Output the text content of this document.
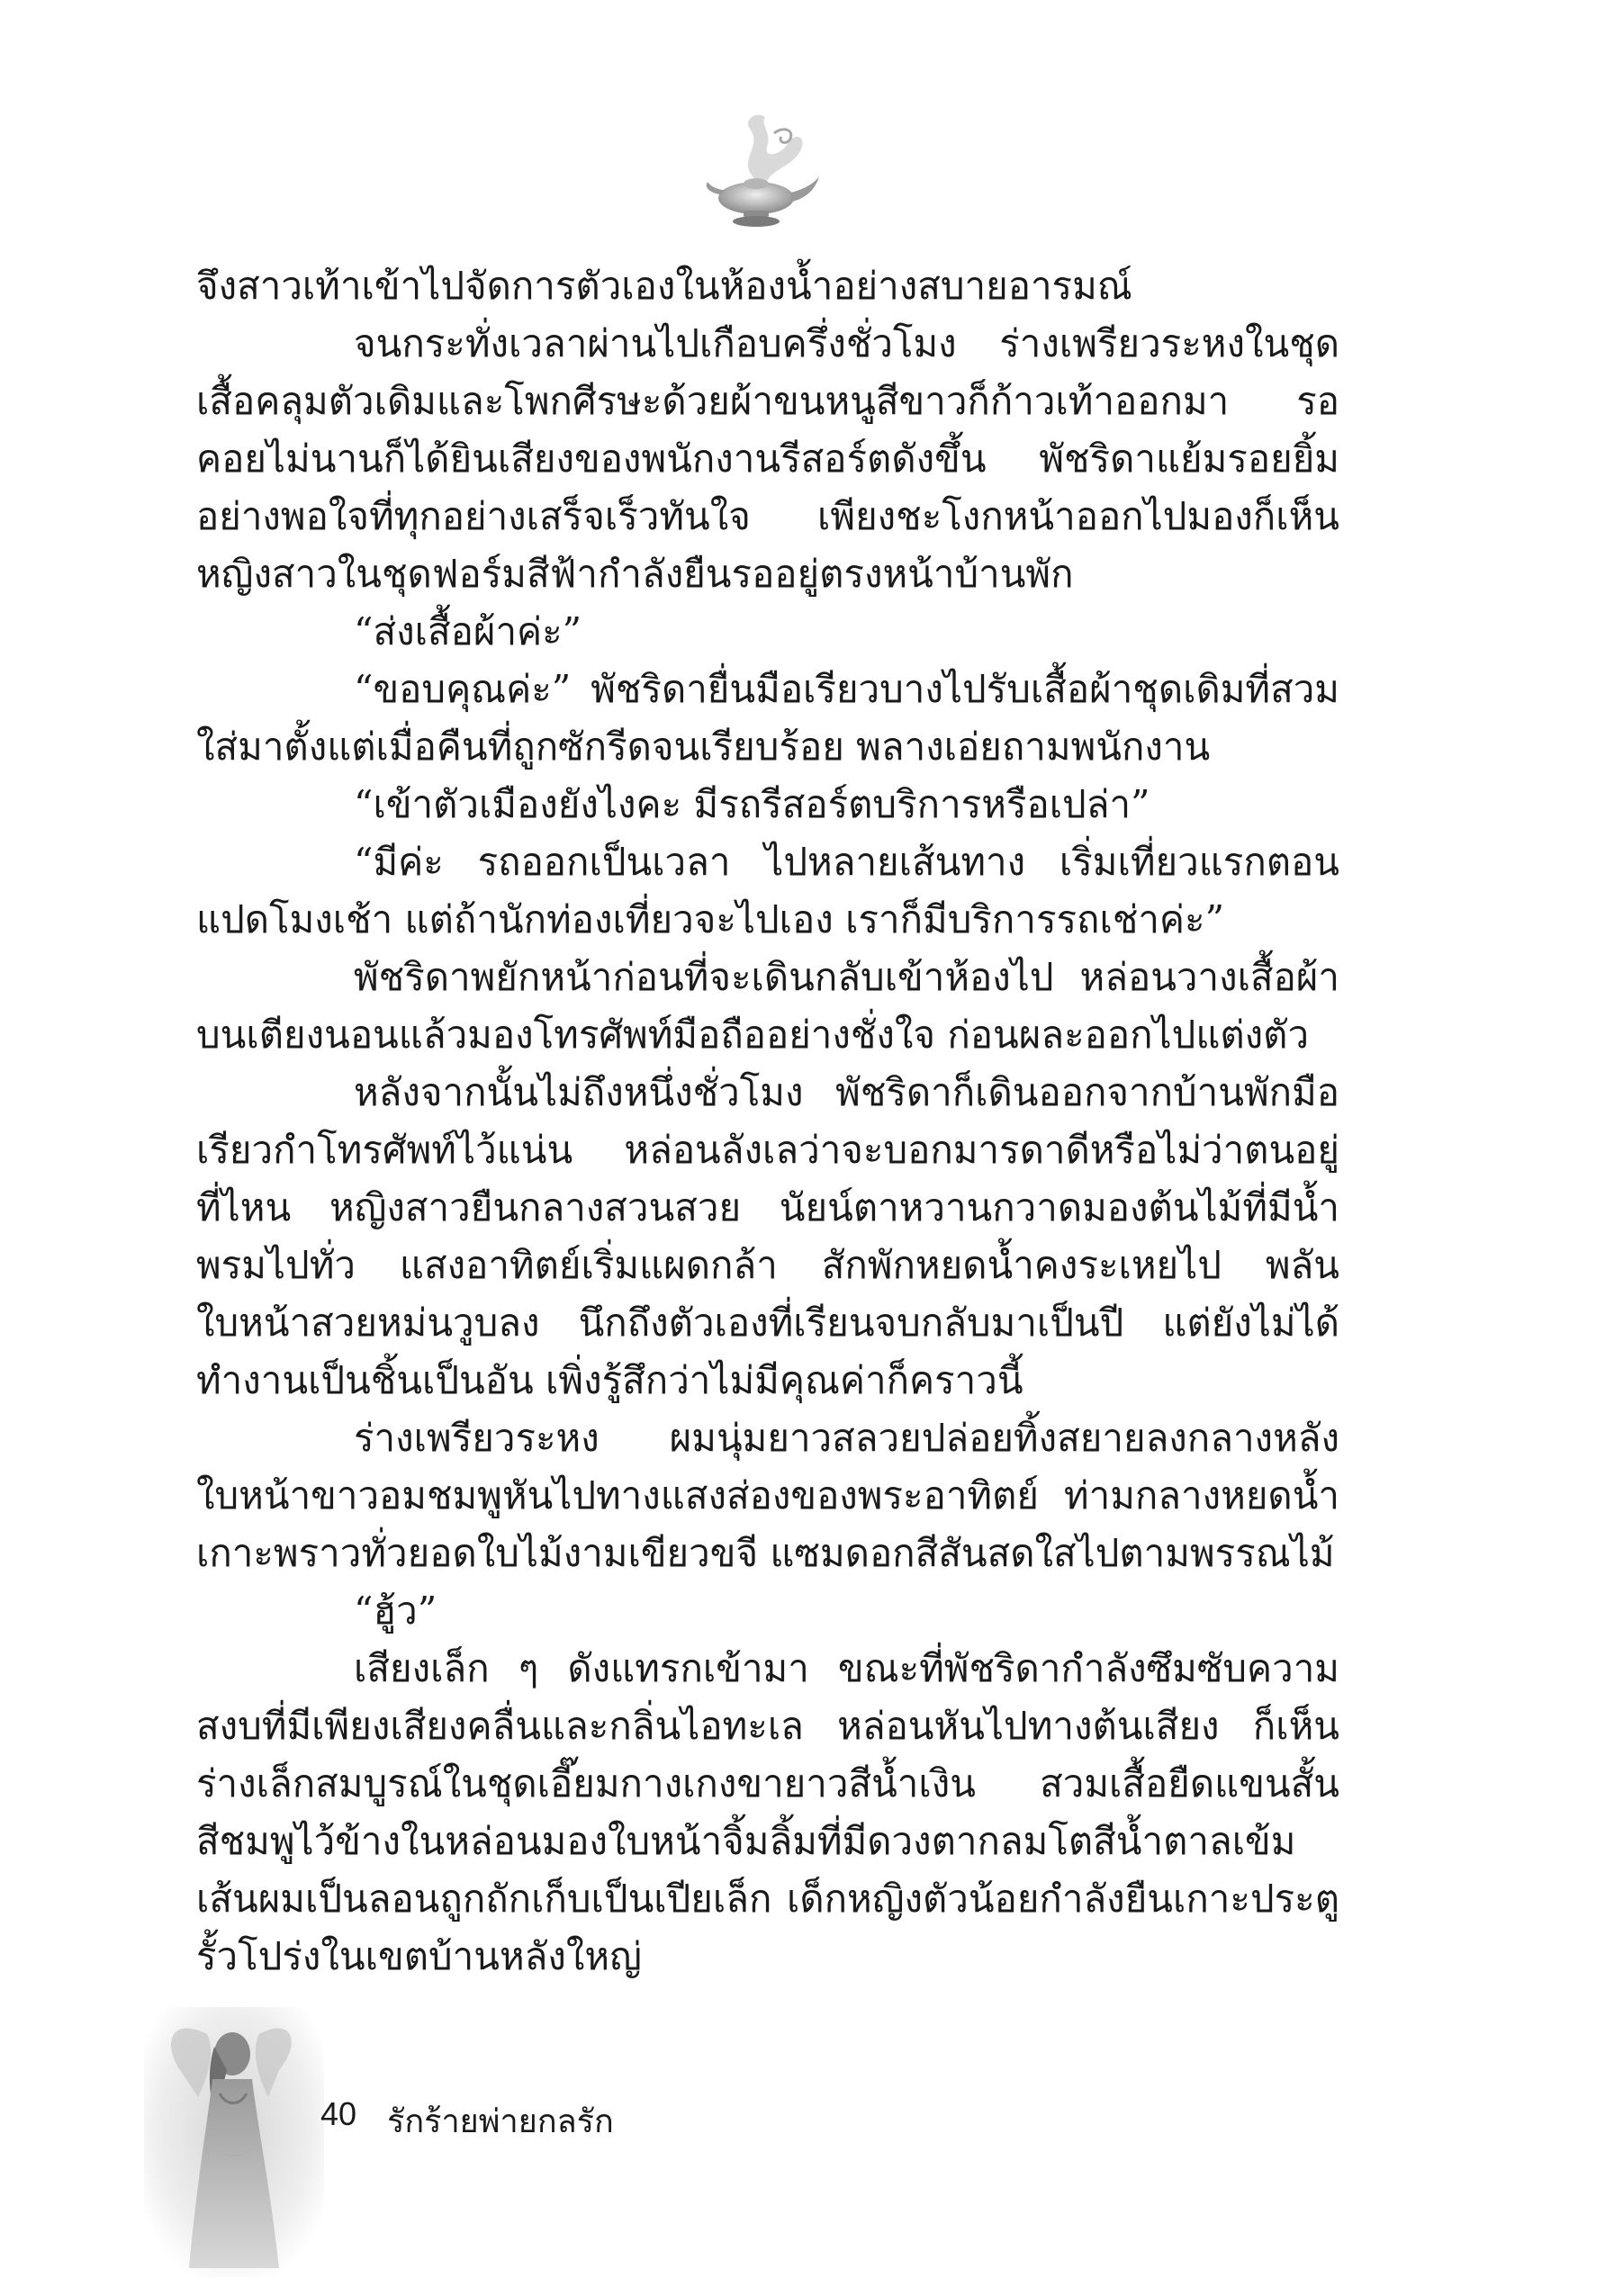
จึงสาวเท้าเข้าไปจัดการตัวเองในห้องน้ำอย่างสบายอารมณ์

จนกระทั่งเวลาผ่านไปเกือบครึ่งชั่วโมง ร่างเพรียวระหงในชุดเสื้อคลุมตัวเดิมและโพกศีรษะด้วยผ้าขนหนูสีขาวก็ก้าวเท้าออกมา รอคอยไม่นานก็ได้ยินเสียงของพนักงานรีสอร์ตดังขึ้น พัชริดาแย้มรอยยิ้มอย่างพอใจที่ทุกอย่างเสร็จเร็วทันใจ เพียงชะโงกหน้าออกไปมองก็เห็นหญิงสาวในชุดฟอร์มสีฟ้ากำลังยืนรออยู่ตรงหน้าบ้านพัก

“ส่งเสื้อผ้าค่ะ”

“ขอบคุณค่ะ” พัชริดายื่นมือเรียวบางไปรับเสื้อผ้าชุดเดิมที่สวมใส่มาตั้งแต่เมื่อคืนที่ถูกซักรีดจนเรียบร้อย พลางเอ่ยถามพนักงาน

“เข้าตัวเมืองยังไงคะ มีรถรีสอร์ตบริการหรือเปล่า”

“มีค่ะ รถออกเป็นเวลา ไปหลายเส้นทาง เริ่มเที่ยวแรกตอนแปดโมงเช้า แต่ถ้านักท่องเที่ยวจะไปเอง เราก็มีบริการรถเช่าค่ะ”

พัชริดาพยักหน้าก่อนที่จะเดินกลับเข้าห้องไป หล่อนวางเสื้อผ้าบนเตียงนอนแล้วมองโทรศัพท์มือถืออย่างชั่งใจ ก่อนผละออกไปแต่งตัว

หลังจากนั้นไม่ถึงหนึ่งชั่วโมง พัชริดาก็เดินออกจากบ้านพักมือเรียวกำโทรศัพท์ไว้แน่น หล่อนลังเลว่าจะบอกมารดาดีหรือไม่ว่าตนอยู่ที่ไหน หญิงสาวยืนกลางสวนสวย นัยน์ตาหวานกวาดมองต้นไม้ที่มีน้ำพรมไปทั่ว แสงอาทิตย์เริ่มแผดกล้า สักพักหยดน้ำคงระเหยไป พลันใบหน้าสวยหม่นวูบลง นึกถึงตัวเองที่เรียนจบกลับมาเป็นปี แต่ยังไม่ได้ทำงานเป็นชิ้นเป็นอัน เพิ่งรู้สึกว่าไม่มีคุณค่าก็คราวนี้

ร่างเพรียวระหง ผมนุ่มยาวสลวยปล่อยทิ้งสยายลงกลางหลัง ใบหน้าขาวอมชมพูหันไปทางแสงส่องของพระอาทิตย์ ท่ามกลางหยดน้ำเกาะพราวทั่วยอดใบไม้งามเขียวขจี แซมดอกสีสันสดใสไปตามพรรณไม้

“ฮู้ว”

เสียงเล็ก ๆ ดังแทรกเข้ามา ขณะที่พัชริดากำลังซึมซับความสงบที่มีเพียงเสียงคลื่นและกลิ่นไอทะเล หล่อนหันไปทางต้นเสียง ก็เห็นร่างเล็กสมบูรณ์ในชุดเอี๊ยมกางเกงขายาวสีน้ำเงิน สวมเสื้อยืดแขนสั้นสีชมพูไว้ข้างในหล่อนมองใบหน้าจิ้มลิ้มที่มีดวงตากลมโตสีน้ำตาลเข้ม เส้นผมเป็นลอนถูกถักเก็บเป็นเปียเล็ก เด็กหญิงตัวน้อยกำลังยืนเกาะประตูรั้วโปร่งในเขตบ้านหลังใหญ่

40 รักร้ายพ่ายกลรัก
